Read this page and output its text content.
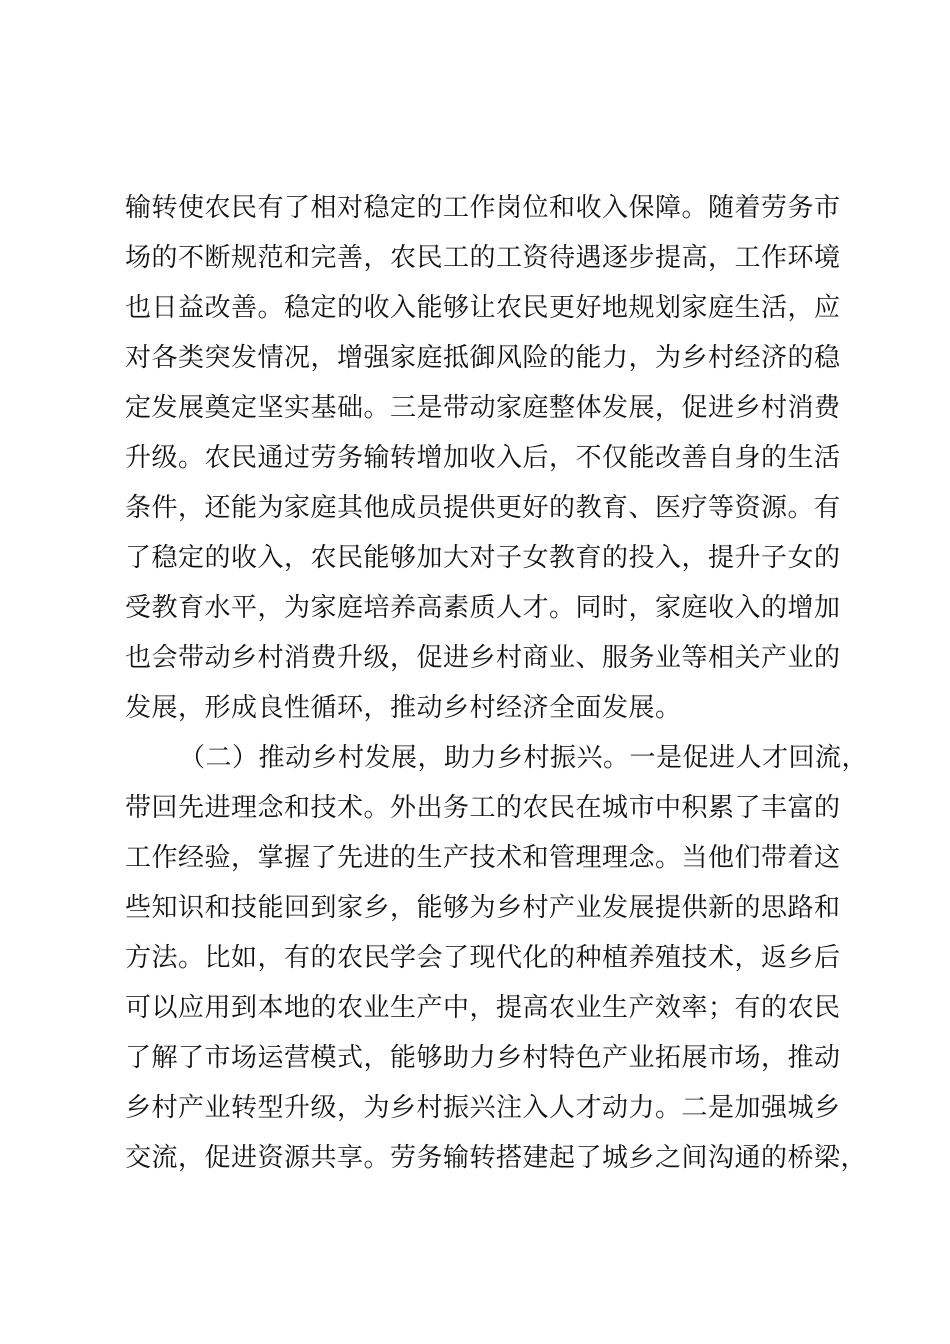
输转使农民有了相对稳定的工作岗位和收入保障。随着劳务市
场的不断规范和完善，农民工的工资待遇逐步提高，工作环境
也日益改善。稳定的收入能够让农民更好地规划家庭生活，应
对各类突发情况，增强家庭抵御风险的能力，为乡村经济的稳
定发展奠定坚实基础。三是带动家庭整体发展，促进乡村消费
升级。农民通过劳务输转增加收入后，不仅能改善自身的生活
条件，还能为家庭其他成员提供更好的教育、医疗等资源。有
了稳定的收入，农民能够加大对子女教育的投入，提升子女的
受教育水平，为家庭培养高素质人才。同时，家庭收入的增加
也会带动乡村消费升级，促进乡村商业、服务业等相关产业的
发展，形成良性循环，推动乡村经济全面发展。
（二）推动乡村发展，助力乡村振兴。一是促进人才回流，
带回先进理念和技术。外出务工的农民在城市中积累了丰富的
工作经验，掌握了先进的生产技术和管理理念。当他们带着这
些知识和技能回到家乡，能够为乡村产业发展提供新的思路和
方法。比如，有的农民学会了现代化的种植养殖技术，返乡后
可以应用到本地的农业生产中，提高农业生产效率；有的农民
了解了市场运营模式，能够助力乡村特色产业拓展市场，推动
乡村产业转型升级，为乡村振兴注入人才动力。二是加强城乡
交流，促进资源共享。劳务输转搭建起了城乡之间沟通的桥梁，
